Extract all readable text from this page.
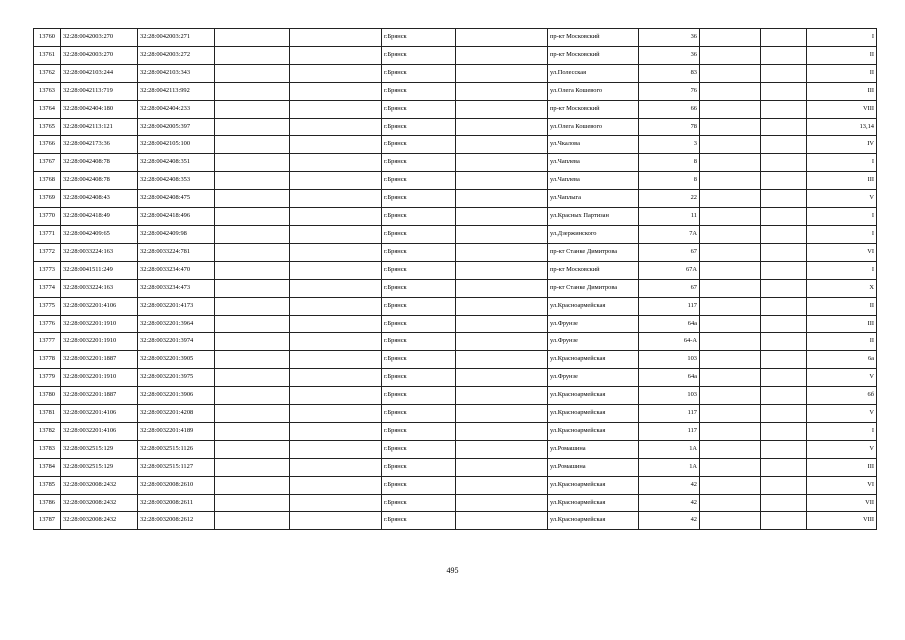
13760	32:28:0042003:270	32:28:0042003:271			г.Брянск		пр-кт Московский	36			I
13761	32:28:0042003:270	32:28:0042003:272			г.Брянск		пр-кт Московский	36			II
13762	32:28:0042103:244	32:28:0042103:343			г.Брянск		ул.Полесская	83			II
13763	32:28:0042113:719	32:28:0042113:992			г.Брянск		ул.Олега Кошевого	76			III
13764	32:28:0042404:180	32:28:0042404:233			г.Брянск		пр-кт Московский	66			VIII
13765	32:28:0042113:121	32:28:0042005:397			г.Брянск		ул.Олега Кошевого	78			13,14
13766	32:28:0042173:36	32:28:0042105:100			г.Брянск		ул.Чкалова	3			IV
13767	32:28:0042408:78	32:28:0042408:351			г.Брянск		ул.Чаплева	8			I
13768	32:28:0042408:78	32:28:0042408:353			г.Брянск		ул.Чаплева	8			III
13769	32:28:0042408:43	32:28:0042408:475			г.Брянск		ул.Чаплыга	22			V
13770	32:28:0042418:49	32:28:0042418:496			г.Брянск		ул.Красных Партизан	11			I
13771	32:28:0042409:65	32:28:0042409:98			г.Брянск		ул.Дзержинского	7А			I
13772	32:28:0033224:163	32:28:0033224:781			г.Брянск		пр-кт Станке Димитрова	67			VI
13773	32:28:0041511:249	32:28:0033234:470			г.Брянск		пр-кт Московский	67А			I
13774	32:28:0033224:163	32:28:0033234:473			г.Брянск		пр-кт Станке Димитрова	67			X
13775	32:28:0032201:4106	32:28:0032201:4173			г.Брянск		ул.Красноармейская	117			II
13776	32:28:0032201:1910	32:28:0032201:3964			г.Брянск		ул.Фрунзе	64а			III
13777	32:28:0032201:1910	32:28:0032201:3974			г.Брянск		ул.Фрунзе	64-А			II
13778	32:28:0032201:1887	32:28:0032201:3905			г.Брянск		ул.Красноармейская	103			6а
13779	32:28:0032201:1910	32:28:0032201:3975			г.Брянск		ул.Фрунзе	64а			V
13780	32:28:0032201:1887	32:28:0032201:3906			г.Брянск		ул.Красноармейская	103			6б
13781	32:28:0032201:4106	32:28:0032201:4208			г.Брянск		ул.Красноармейская	117			V
13782	32:28:0032201:4106	32:28:0032201:4189			г.Брянск		ул.Красноармейская	117			I
13783	32:28:0032515:129	32:28:0032515:1126			г.Брянск		ул.Ромашина	1А			V
13784	32:28:0032515:129	32:28:0032515:1127			г.Брянск		ул.Ромашина	1А			III
13785	32:28:0032008:2432	32:28:0032008:2610			г.Брянск		ул.Красноармейская	42			VI
13786	32:28:0032008:2432	32:28:0032008:2611			г.Брянск		ул.Красноармейская	42			VII
13787	32:28:0032008:2432	32:28:0032008:2612			г.Брянск		ул.Красноармейская	42			VIII
495
